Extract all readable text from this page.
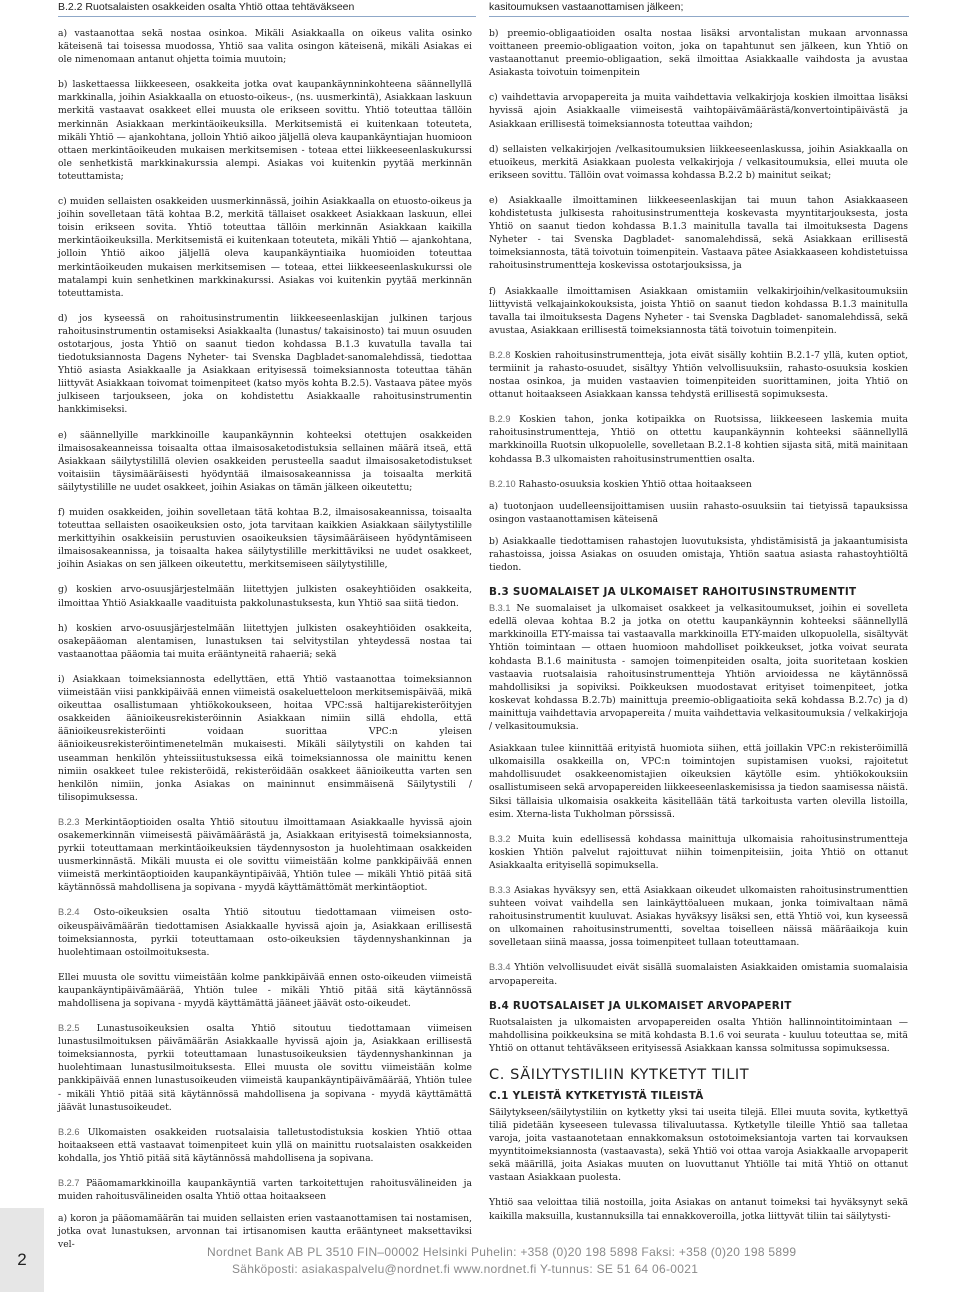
B.2.2 Ruotsalaisten osakkeiden osalta Yhtiö ottaa tehtäväkseen	kasitoumuksen vastaanottamisen jälkeen;

a) vastaanottaa sekä nostaa osinkoa. Mikäli Asiakkaalla on oikeus valita osinko käteisenä tai toisessa muodossa, Yhtiö saa valita osingon käteisenä, mikäli Asiakas ei ole nimenomaan antanut ohjetta toimia muutoin;

b) laskettaessa liikkeeseen, osakkeita jotka ovat kaupankäynninkohteena säännellyllä markkinalla, joihin Asiakkaalla on etuosto-oikeus-, (ns. uusmerkintä), Asiakkaan laskuun merkitä vastaavat osakkeet ellei muusta ole erikseen sovittu. Yhtiö toteuttaa tällöin merkinnän Asiakkaan merkintäoikeuksilla. Merkitsemistä ei kuitenkaan toteuteta, mikäli Yhtiö — ajankohtana, jolloin Yhtiö aikoo jäljellä oleva kaupankäyntiajan huomioon ottaen merkintäoikeuden mukaisen merkitsemisen - toteaa ettei liikkeeseenlaskukurssi ole senhetkistä markkinakurssia alempi. Asiakas voi kuitenkin pyytää merkinnän toteuttamista;

c) muiden sellaisten osakkeiden uusmerkinnässä, joihin Asiakkaalla on etuosto-oikeus ja joihin sovelletaan tätä kohtaa B.2, merkitä tällaiset osakkeet Asiakkaan laskuun, ellei toisin erikseen sovita. Yhtiö toteuttaa tällöin merkinnän Asiakkaan kaikilla merkintäoikeuksilla. Merkitsemistä ei kuitenkaan toteuteta, mikäli Yhtiö — ajankohtana, jolloin Yhtiö aikoo jäljellä oleva kaupankäyntiaika huomioiden toteuttaa merkintäoikeuden mukaisen merkitsemisen — toteaa, ettei liikkeeseenlaskukurssi ole matalampi kuin senhetkinen markkinakurssi. Asiakas voi kuitenkin pyytää merkinnän toteuttamista.

d) jos kyseessä on rahoitusinstrumentin liikkeeseenlaskijan julkinen tarjous rahoitusinstrumentin ostamiseksi Asiakkaalta (lunastus/ takaisinosto) tai muun osuuden ostotarjous, josta Yhtiö on saanut tiedon kohdassa B.1.3 kuvatulla tavalla tai tiedotuksiannosta Dagens Nyheter- tai Svenska Dagbladet-sanomalehdissä, tiedottaa Yhtiö asiasta Asiakkaalle ja Asiakkaan erityisessä toimeksiannosta toteuttaa tähän liittyvät Asiakkaan toivomat toimenpiteet (katso myös kohta B.2.5). Vastaava pätee myös julkiseen tarjoukseen, joka on kohdistettu Asiakkaalle rahoitusinstrumentin hankkimiseksi.

e) säännellyille markkinoille kaupankäynnin kohteeksi otettujen osakkeiden ilmaisosakeanneissa toisaalta ottaa ilmaisosaketodistuksia sellainen määrä itseä, että Asiakkaan säilytystilillä olevien osakkeiden perusteella saadut ilmaisosaketodistukset voitaisiin täysimääräisesti hyödyntää ilmaisosakeannissa ja toisaalta merkitä säilytystilille ne uudet osakkeet, joihin Asiakas on tämän jälkeen oikeutettu;

f) muiden osakkeiden, joihin sovelletaan tätä kohtaa B.2, ilmaisosakeannissa, toisaalta toteuttaa sellaisten osaoikeuksien osto, jota tarvitaan kaikkien Asiakkaan säilytystilille merkittyihin osakkeisiin perustuvien osaoikeuksien täysimääräiseen hyödyntämiseen ilmaisosakeannissa, ja toisaalta hakea säilytystilille merkittäviksi ne uudet osakkeet, joihin Asiakas on sen jälkeen oikeutettu, merkitsemiseen säilytystilille,

g) koskien arvo-osuusjärjestelmään liitettyjen julkisten osakeyhtiöiden osakkeita, ilmoittaa Yhtiö Asiakkaalle vaadituista pakkolunastuksesta, kun Yhtiö saa siitä tiedon.

h) koskien arvo-osuusjärjestelmään liitettyjen julkisten osakeyhtiöiden osakkeita, osakepääoman alentamisen, lunastuksen tai selvitystilan yhteydessä nostaa tai vastaanottaa pääomia tai muita erääntyneitä rahaeriä; sekä

i) Asiakkaan toimeksiannosta edellyttäen, että Yhtiö vastaanottaa toimeksiannon viimeistään viisi pankkipäivää ennen viimeistä osakeluetteloon merkitsemispäivää, mikä oikeuttaa osallistumaan yhtiökokoukseen, hoitaa VPC:ssä haltijarekisteröityjen osakkeiden äänioikeusrekisteröinnin Asiakkaan nimiin sillä ehdolla, että äänioikeusrekisteröinti voidaan suorittaa VPC:n yleisen äänioikeusrekisteröintimenetelmän mukaisesti. Mikäli säilytystili on kahden tai useamman henkilön yhteissiitustuksessa eikä toimeksiannossa ole mainittu kenen nimiin osakkeet tulee rekisteröidä, rekisteröidään osakkeet äänioikeutta varten sen henkilön nimiin, jonka Asiakas on maininnut ensimmäisenä Säilytystili / tilisopimuksessa.

B.2.3 Merkintäoptioiden osalta Yhtiö sitoutuu ilmoittamaan Asiakkaalle hyvissä ajoin osakemerkinnän viimeisestä päivämäärästä ja, Asiakkaan erityisestä toimeksiannosta, pyrkii toteuttamaan merkintäoikeuksien täydennysoston ja huolehtimaan osakkeiden uusmerkinnästä. Mikäli muusta ei ole sovittu viimeistään kolme pankkipäivää ennen viimeistä merkintäoptioiden kaupankäyntipäivää, Yhtiön tulee — mikäli Yhtiö pitää sitä käytännössä mahdollisena ja sopivana - myydä käyttämättömät merkintäoptiot.

B.2.4 Osto-oikeuksien osalta Yhtiö sitoutuu tiedottamaan viimeisen osto-oikeuspäivämäärän tiedottamisen Asiakkaalle hyvissä ajoin ja, Asiakkaan erillisestä toimeksiannosta, pyrkii toteuttamaan osto-oikeuksien täydennyshankinnan ja huolehtimaan ostoilmoituksesta.

Ellei muusta ole sovittu viimeistään kolme pankkipäivää ennen osto-oikeuden viimeistä kaupankäyntipäivämäärää, Yhtiön tulee - mikäli Yhtiö pitää sitä käytännössä mahdollisena ja sopivana - myydä käyttämättä jääneet jäävät osto-oikeudet.

B.2.5 Lunastusoikeuksien osalta Yhtiö sitoutuu tiedottamaan viimeisen lunastusilmoituksen päivämäärän Asiakkaalle hyvissä ajoin ja, Asiakkaan erillisestä toimeksiannosta, pyrkii toteuttamaan lunastusoikeuksien täydennyshankinnan ja huolehtimaan lunastusilmoituksesta. Ellei muusta ole sovittu viimeistään kolme pankkipäivää ennen lunastusoikeuden viimeistä kaupankäyntipäivämäärää, Yhtiön tulee - mikäli Yhtiö pitää sitä käytännössä mahdollisena ja sopivana - myydä käyttämättä jäävät lunastusoikeudet.

B.2.6 Ulkomaisten osakkeiden ruotsalaisia talletustodistuksia koskien Yhtiö ottaa hoitaakseen että vastaavat toimenpiteet kuin yllä on mainittu ruotsalaisten osakkeiden kohdalla, jos Yhtiö pitää sitä käytännössä mahdollisena ja sopivana.

B.2.7 Pääomamarkkinoilla kaupankäyntiä varten tarkoitettujen rahoitusvälineiden ja muiden rahoitusvälineiden osalta Yhtiö ottaa hoitaakseen

a) koron ja pääomamäärän tai muiden sellaisten erien vastaanottamisen tai nostamisen, jotka ovat lunastuksen, arvonnan tai irtisanomisen kautta erääntyneet maksettaviksi vel-

b) preemio-obligaatioiden osalta nostaa lisäksi arvontalistan mukaan arvonnassa voittaneen preemio-obligaation voiton, joka on tapahtunut sen jälkeen, kun Yhtiö on vastaanottanut preemio-obligaation, sekä ilmoittaa Asiakkaalle vaihdosta ja avustaa Asiakasta toivotuin toimenpitein

c) vaihdettavia arvopapereita ja muita vaihdettavia velkakirjoja koskien ilmoittaa lisäksi hyvissä ajoin Asiakkaalle viimeisestä vaihtopäivämäärästä/konvertointipäivästä ja Asiakkaan erillisestä toimeksiannosta toteuttaa vaihdon;

d) sellaisten velkakirjojen /velkasitoumuksien liikkeeseenlaskussa, joihin Asiakkaalla on etuoikeus, merkitä Asiakkaan puolesta velkakirjoja / velkasitoumuksia, ellei muuta ole erikseen sovittu. Tällöin ovat voimassa kohdassa B.2.2 b) mainitut seikat;

e) Asiakkaalle ilmoittaminen liikkeeseenlaskijan tai muun tahon Asiakkaaseen kohdistetusta julkisesta rahoitusinstrumentteja koskevasta myyntitarjouksesta, josta Yhtiö on saanut tiedon kohdassa B.1.3 mainitulla tavalla tai ilmoituksesta Dagens Nyheter - tai Svenska Dagbladet- sanomalehdissä, sekä Asiakkaan erillisestä toimeksiannosta, tätä toivotuin toimenpitein. Vastaava pätee Asiakkaaseen kohdistetuissa rahoitusinstrumentteja koskevissa ostotarjouksissa, ja

f) Asiakkaalle ilmoittamisen Asiakkaan omistamiin velkakirjoihin/velkasitoumuksiin liittyvistä velkajainkokouksista, joista Yhtiö on saanut tiedon kohdassa B.1.3 mainitulla tavalla tai ilmoituksesta Dagens Nyheter - tai Svenska Dagbladet- sanomalehdissä, sekä avustaa, Asiakkaan erillisestä toimeksiannosta tätä toivotuin toimenpitein.

B.2.8 Koskien rahoitusinstrumentteja, jota eivät sisälly kohtiin B.2.1-7 yllä, kuten optiot, termiinit ja rahasto-osuudet, sisältyy Yhtiön velvollisuuksiin, rahasto-osuuksia koskien nostaa osinkoa, ja muiden vastaavien toimenpiteiden suorittaminen, joita Yhtiö on ottanut hoitaakseen Asiakkaan kanssa tehdystä erillisestä sopimuksesta.

B.2.9 Koskien tahon, jonka kotipaikka on Ruotsissa, liikkeeseen laskemia muita rahoitusinstrumentteja, Yhtiö on ottettu kaupankäynnin kohteeksi säännellyllä markkinoilla Ruotsin ulkopuolelle, sovelletaan B.2.1-8 kohtien sijasta sitä, mitä mainitaan kohdassa B.3 ulkomaisten rahoitusinstrumenttien osalta.

B.2.10 Rahasto-osuuksia koskien Yhtiö ottaa hoitaakseen

a) tuotonjaon uudelleensijoittamisen uusiin rahasto-osuuksiin tai tietyissä tapauksissa osingon vastaanottamisen käteisenä

b) Asiakkaalle tiedottamisen rahastojen luovutuksista, yhdistämisistä ja jakaantumisista rahastoissa, joissa Asiakas on osuuden omistaja, Yhtiön saatua asiasta rahastoyhtiöltä tiedon.

B.3 SUOMALAISET JA ULKOMAISET RAHOITUSINSTRUMENTIT

B.3.1 Ne suomalaiset ja ulkomaiset osakkeet ja velkasitoumukset, joihin ei sovelleta edellä olevaa kohtaa B.2 ja jotka on otettu kaupankäynnin kohteeksi säännellyllä markkinoilla ETY-maissa tai vastaavalla markkinoilla ETY-maiden ulkopuolella, sisältyvät Yhtiön toimintaan — ottaen huomioon mahdolliset poikkeukset, jotka voivat seurata kohdasta B.1.6 mainitusta - samojen toimenpiteiden osalta, joita suoritetaan koskien vastaavia ruotsalaisia rahoitusinstrumentteja Yhtiön arvioidessa ne käytännössä mahdollisiksi ja sopiviksi. Poikkeuksen muodostavat erityiset toimenpiteet, jotka koskevat kohdassa B.2.7b) mainittuja preemio-obligaatioita sekä kohdassa B.2.7c) ja d) mainittuja vaihdettavia arvopapereita / muita vaihdettavia velkasitoumuksia / velkakirjoja / velkasitoumuksia.

Asiakkaan tulee kiinnittää erityistä huomiota siihen, että joillakin VPC:n rekisteröimillä ulkomaisilla osakkeilla on, VPC:n toimintojen supistamisen vuoksi, rajoitetut mahdollisuudet osakkeenomistajien oikeuksien käytölle esim. yhtiökokouksiin osallistumiseen sekä arvopapereiden liikkeeseenlaskemisissa ja tiedon saamisessa näistä. Siksi tällaisia ulkomaisia osakkeita käsitellään tätä tarkoitusta varten olevilla listoilla, esim. Xterna-lista Tukholman pörssissä.

B.3.2 Muita kuin edellisessä kohdassa mainittuja ulkomaisia rahoitusinstrumentteja koskien Yhtiön palvelut rajoittuvat niihin toimenpiteisiin, joita Yhtiö on ottanut Asiakkaalta erityisellä sopimuksella.

B.3.3 Asiakas hyväksyy sen, että Asiakkaan oikeudet ulkomaisten rahoitusinstrumenttien suhteen voivat vaihdella sen lainkäyttöalueen mukaan, jonka toimivaltaan nämä rahoitusinstrumentit kuuluvat. Asiakas hyväksyy lisäksi sen, että Yhtiö voi, kun kyseessä on ulkomainen rahoitusinstrumentti, soveltaa toiselleen näissä määräaikoja kuin sovelletaan siinä maassa, jossa toimenpiteet tullaan toteuttamaan.

B.3.4 Yhtiön velvollisuudet eivät sisällä suomalaisten Asiakkaiden omistamia suomalaisia arvopapereita.

B.4 RUOTSALAISET JA ULKOMAISET ARVOPAPERIT

Ruotsalaisten ja ulkomaisten arvopapereiden osalta Yhtiön hallinnointitoimintaan — mahdollisina poikkeuksina se mitä kohdasta B.1.6 voi seurata - kuuluu toteuttaa se, mitä Yhtiö on ottanut tehtäväkseen erityisessä Asiakkaan kanssa solmitussa sopimuksessa.

C. SÄILYTYSTILIIN KYTKETYT TILIT
C.1 YLEISTÄ KYTKETYISTÄ TILEISTÄ

Säilytykseen/säilytystiliin on kytketty yksi tai useita tilejä. Ellei muuta sovita, kytkettyä tiliä pidetään kyseeseen tulevassa tilivaluutassa. Kytketylle tileille Yhtiö saa talletaa varoja, joita vastaanotetaan ennakkomaksun ostotoimeksiantoja varten tai korvauksen myyntitoimeksiannosta (vastaavasta), sekä Yhtiö voi ottaa varoja Asiakkaalle arvopaperit sekä määrillä, joita Asiakas muuten on luovuttanut Yhtiölle tai mitä Yhtiö on ottanut vastaan Asiakkaan puolesta.

Yhtiö saa veloittaa tiliä nostoilla, joita Asiakas on antanut toimeksi tai hyväksynyt sekä kaikilla maksuilla, kustannuksilla tai ennakkoveroilla, jotka liittyvät tiliin tai säilytysti-

2	Nordnet Bank AB PL 3510 FIN–00002 Helsinki Puhelin: +358 (0)20 198 5898 Faksi: +358 (0)20 198 5899
Sähköposti: asiakaspalvelu@nordnet.fi www.nordnet.fi Y-tunnus: SE 51 64 06-0021
